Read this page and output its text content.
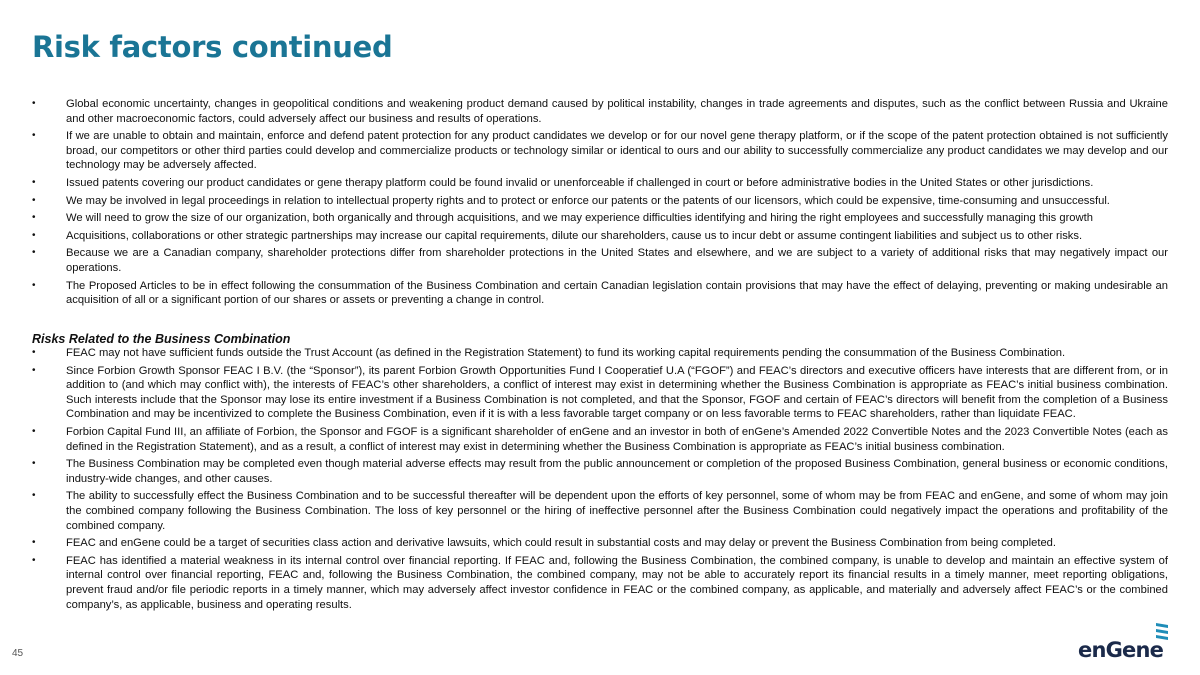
Risk factors continued
•	Global economic uncertainty, changes in geopolitical conditions and weakening product demand caused by political instability, changes in trade agreements and disputes, such as the conflict between Russia and Ukraine and other macroeconomic factors, could adversely affect our business and results of operations.
•	If we are unable to obtain and maintain, enforce and defend patent protection for any product candidates we develop or for our novel gene therapy platform, or if the scope of the patent protection obtained is not sufficiently broad, our competitors or other third parties could develop and commercialize products or technology similar or identical to ours and our ability to successfully commercialize any product candidates we may develop and our technology may be adversely affected.
•	Issued patents covering our product candidates or gene therapy platform could be found invalid or unenforceable if challenged in court or before administrative bodies in the United States or other jurisdictions.
•	We may be involved in legal proceedings in relation to intellectual property rights and to protect or enforce our patents or the patents of our licensors, which could be expensive, time-consuming and unsuccessful.
•	We will need to grow the size of our organization, both organically and through acquisitions, and we may experience difficulties identifying and hiring the right employees and successfully managing this growth
•	Acquisitions, collaborations or other strategic partnerships may increase our capital requirements, dilute our shareholders, cause us to incur debt or assume contingent liabilities and subject us to other risks.
•	Because we are a Canadian company, shareholder protections differ from shareholder protections in the United States and elsewhere, and we are subject to a variety of additional risks that may negatively impact our operations.
•	The Proposed Articles to be in effect following the consummation of the Business Combination and certain Canadian legislation contain provisions that may have the effect of delaying, preventing or making undesirable an acquisition of all or a significant portion of our shares or assets or preventing a change in control.
Risks Related to the Business Combination
•	FEAC may not have sufficient funds outside the Trust Account (as defined in the Registration Statement) to fund its working capital requirements pending the consummation of the Business Combination.
•	Since Forbion Growth Sponsor FEAC I B.V. (the “Sponsor”), its parent Forbion Growth Opportunities Fund I Cooperatief U.A (“FGOF”) and FEAC’s directors and executive officers have interests that are different from, or in addition to (and which may conflict with), the interests of FEAC’s other shareholders, a conflict of interest may exist in determining whether the Business Combination is appropriate as FEAC’s initial business combination. Such interests include that the Sponsor may lose its entire investment if a Business Combination is not completed, and that the Sponsor, FGOF and certain of FEAC’s directors will benefit from the completion of a Business Combination and may be incentivized to complete the Business Combination, even if it is with a less favorable target company or on less favorable terms to FEAC shareholders, rather than liquidate FEAC.
•	Forbion Capital Fund III, an affiliate of Forbion, the Sponsor and FGOF is a significant shareholder of enGene and an investor in both of enGene’s Amended 2022 Convertible Notes and the 2023 Convertible Notes (each as defined in the Registration Statement), and as a result, a conflict of interest may exist in determining whether the Business Combination is appropriate as FEAC’s initial business combination.
•	The Business Combination may be completed even though material adverse effects may result from the public announcement or completion of the proposed Business Combination, general business or economic conditions, industry-wide changes, and other causes.
•	The ability to successfully effect the Business Combination and to be successful thereafter will be dependent upon the efforts of key personnel, some of whom may be from FEAC and enGene, and some of whom may join the combined company following the Business Combination. The loss of key personnel or the hiring of ineffective personnel after the Business Combination could negatively impact the operations and profitability of the combined company.
•	FEAC and enGene could be a target of securities class action and derivative lawsuits, which could result in substantial costs and may delay or prevent the Business Combination from being completed.
•	FEAC has identified a material weakness in its internal control over financial reporting. If FEAC and, following the Business Combination, the combined company, is unable to develop and maintain an effective system of internal control over financial reporting, FEAC and, following the Business Combination, the combined company, may not be able to accurately report its financial results in a timely manner, meet reporting obligations, prevent fraud and/or file periodic reports in a timely manner, which may adversely affect investor confidence in FEAC or the combined company, as applicable, and materially and adversely affect FEAC’s or the combined company’s, as applicable, business and operating results.
45	enGene
